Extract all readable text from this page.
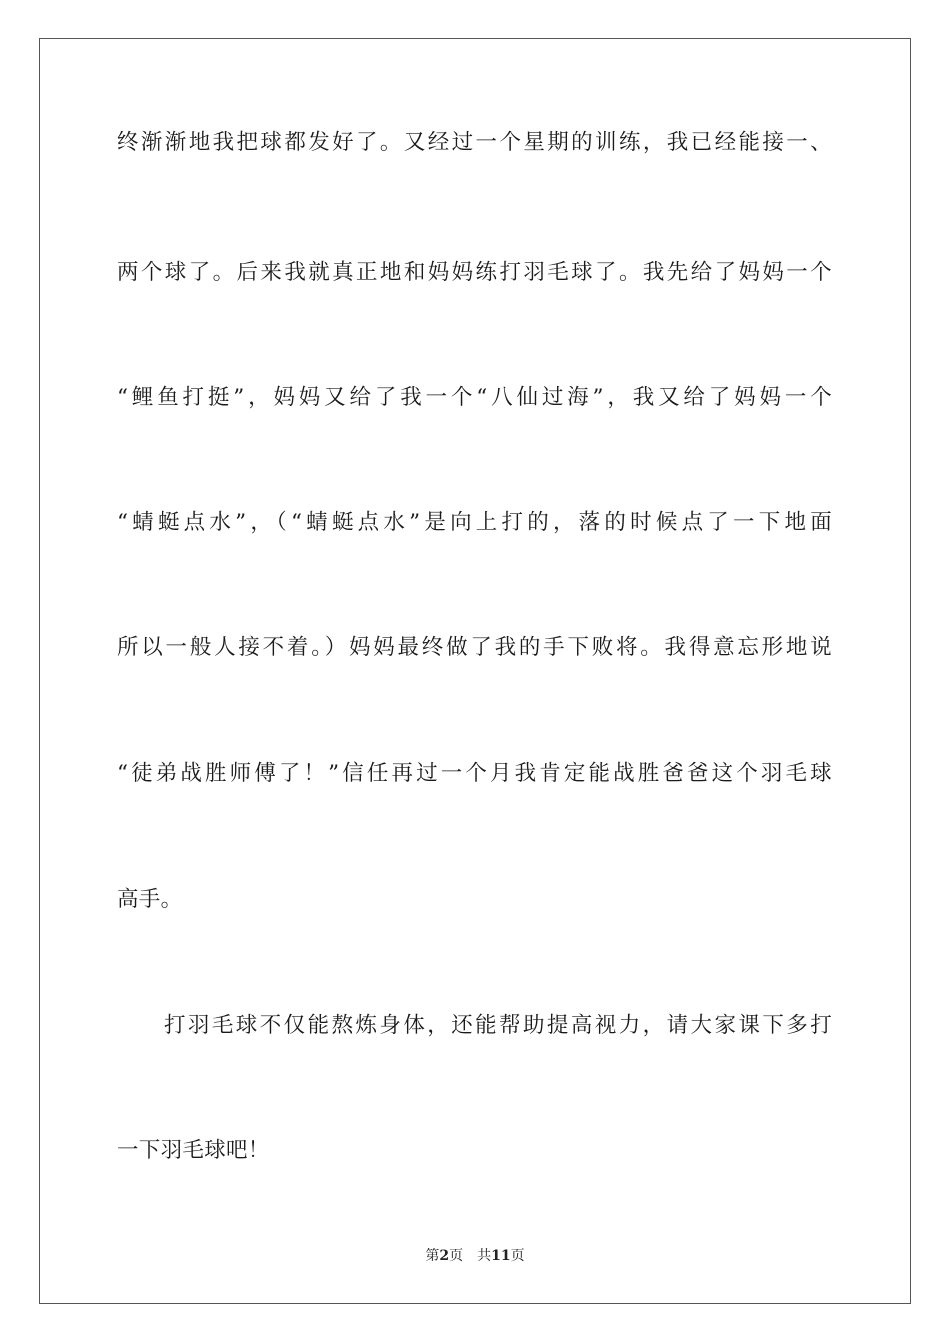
终渐渐地我把球都发好了。又经过一个星期的训练，我已经能接一、
两个球了。后来我就真正地和妈妈练打羽毛球了。我先给了妈妈一个
“鲤鱼打挺”，妈妈又给了我一个“八仙过海”，我又给了妈妈一个
“蜻蜓点水”，（“蜻蜓点水”是向上打的，落的时候点了一下地面
所以一般人接不着。）妈妈最终做了我的手下败将。我得意忘形地说
“徒弟战胜师傅了！”信任再过一个月我肯定能战胜爸爸这个羽毛球
高手。
打羽毛球不仅能熬炼身体，还能帮助提高视力，请大家课下多打
一下羽毛球吧！
第2页　共11页
